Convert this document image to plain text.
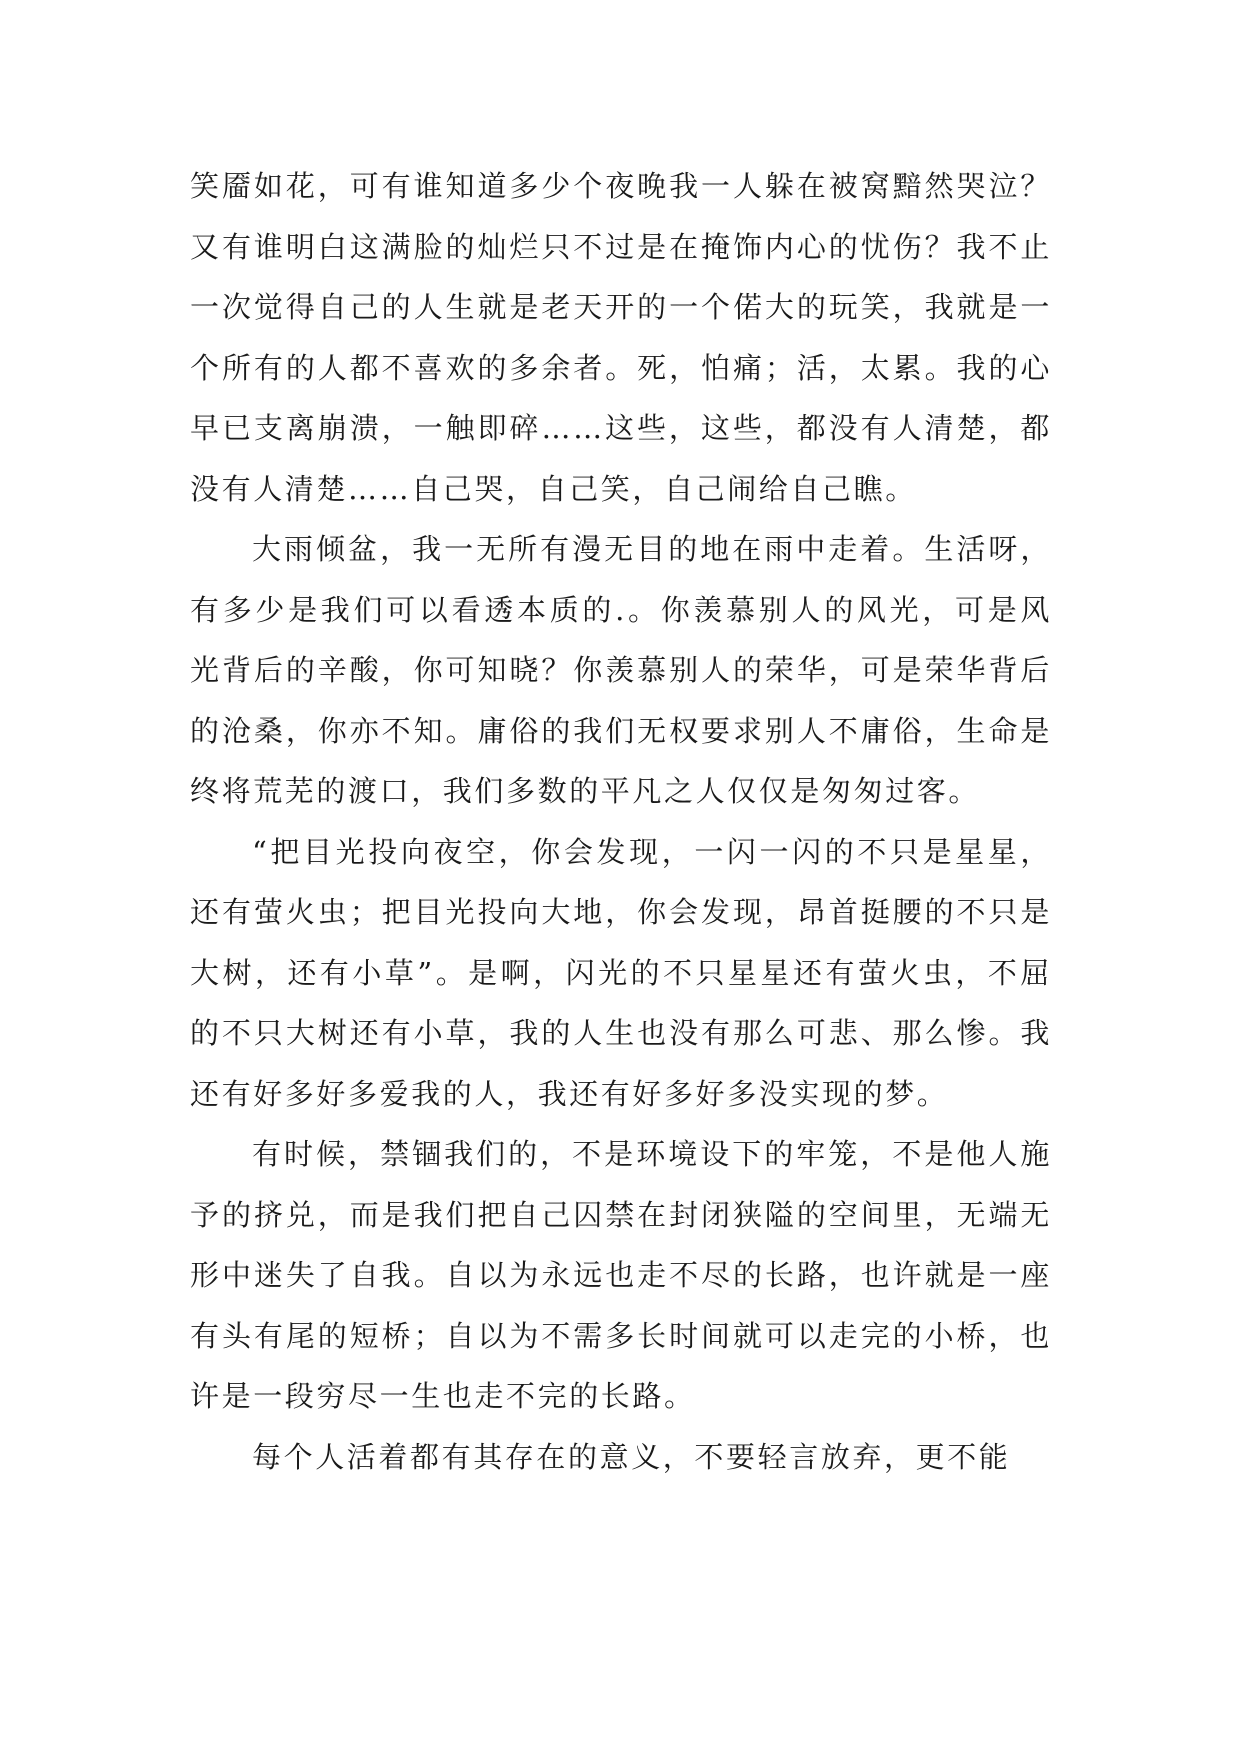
笑靥如花，可有谁知道多少个夜晚我一人躲在被窝黯然哭泣？又有谁明白这满脸的灿烂只不过是在掩饰内心的忧伤？我不止一次觉得自己的人生就是老天开的一个偌大的玩笑，我就是一个所有的人都不喜欢的多余者。死，怕痛；活，太累。我的心早已支离崩溃，一触即碎……这些，这些，都没有人清楚，都没有人清楚……自己哭，自己笑，自己闹给自己瞧。

大雨倾盆，我一无所有漫无目的地在雨中走着。生活呀，有多少是我们可以看透本质的.。你羡慕别人的风光，可是风光背后的辛酸，你可知晓？你羡慕别人的荣华，可是荣华背后的沧桑，你亦不知。庸俗的我们无权要求别人不庸俗，生命是终将荒芜的渡口，我们多数的平凡之人仅仅是匆匆过客。

“把目光投向夜空，你会发现，一闪一闪的不只是星星，还有萤火虫；把目光投向大地，你会发现，昂首挺腰的不只是大树，还有小草”。是啊，闪光的不只星星还有萤火虫，不屈的不只大树还有小草，我的人生也没有那么可悲、那么惨。我还有好多好多爱我的人，我还有好多好多没实现的梦。

有时候，禁锢我们的，不是环境设下的牢笼，不是他人施予的挤兑，而是我们把自己囚禁在封闭狭隘的空间里，无端无形中迷失了自我。自以为永远也走不尽的长路，也许就是一座有头有尾的短桥；自以为不需多长时间就可以走完的小桥，也许是一段穷尽一生也走不完的长路。

每个人活着都有其存在的意义，不要轻言放弃，更不能
